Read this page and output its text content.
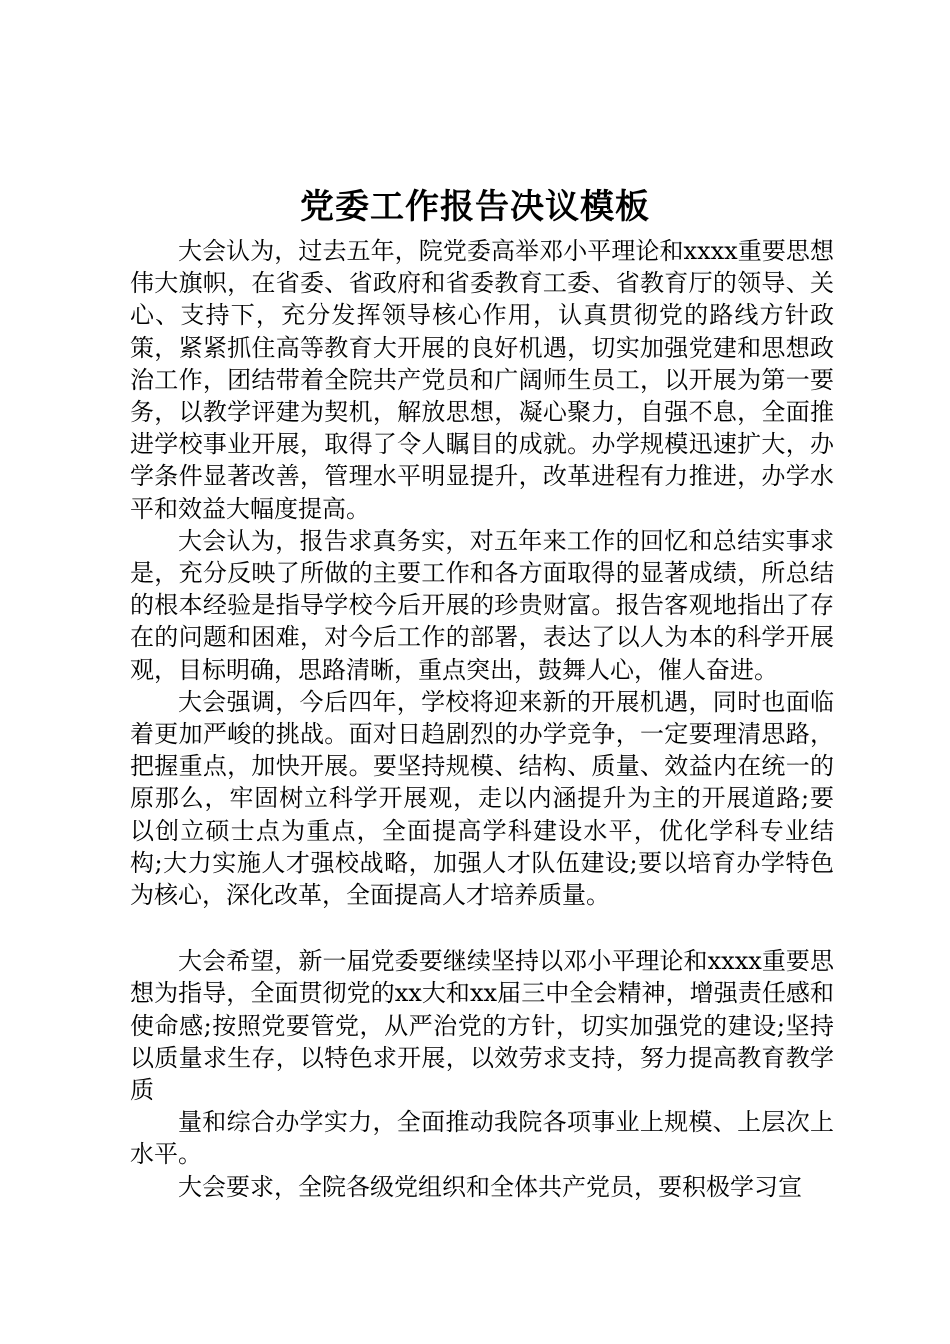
党委工作报告决议模板

大会认为，过去五年，院党委高举邓小平理论和xxxx重要思想伟大旗帜，在省委、省政府和省委教育工委、省教育厅的领导、关心、支持下，充分发挥领导核心作用，认真贯彻党的路线方针政策，紧紧抓住高等教育大开展的良好机遇，切实加强党建和思想政治工作，团结带着全院共产党员和广阔师生员工，以开展为第一要务，以教学评建为契机，解放思想，凝心聚力，自强不息，全面推进学校事业开展，取得了令人瞩目的成就。办学规模迅速扩大，办学条件显著改善，管理水平明显提升，改革进程有力推进，办学水平和效益大幅度提高。

大会认为，报告求真务实，对五年来工作的回忆和总结实事求是，充分反映了所做的主要工作和各方面取得的显著成绩，所总结的根本经验是指导学校今后开展的珍贵财富。报告客观地指出了存在的问题和困难，对今后工作的部署，表达了以人为本的科学开展观，目标明确，思路清晰，重点突出，鼓舞人心，催人奋进。

大会强调，今后四年，学校将迎来新的开展机遇，同时也面临着更加严峻的挑战。面对日趋剧烈的办学竞争，一定要理清思路，把握重点，加快开展。要坚持规模、结构、质量、效益内在统一的原那么，牢固树立科学开展观，走以内涵提升为主的开展道路;要以创立硕士点为重点，全面提高学科建设水平，优化学科专业结构;大力实施人才强校战略，加强人才队伍建设;要以培育办学特色为核心，深化改革，全面提高人才培养质量。

大会希望，新一届党委要继续坚持以邓小平理论和xxxx重要思想为指导，全面贯彻党的xx大和xx届三中全会精神，增强责任感和使命感;按照党要管党，从严治党的方针，切实加强党的建设;坚持以质量求生存，以特色求开展，以效劳求支持，努力提高教育教学质

量和综合办学实力，全面推动我院各项事业上规模、上层次上水平。

大会要求，全院各级党组织和全体共产党员，要积极学习宣
